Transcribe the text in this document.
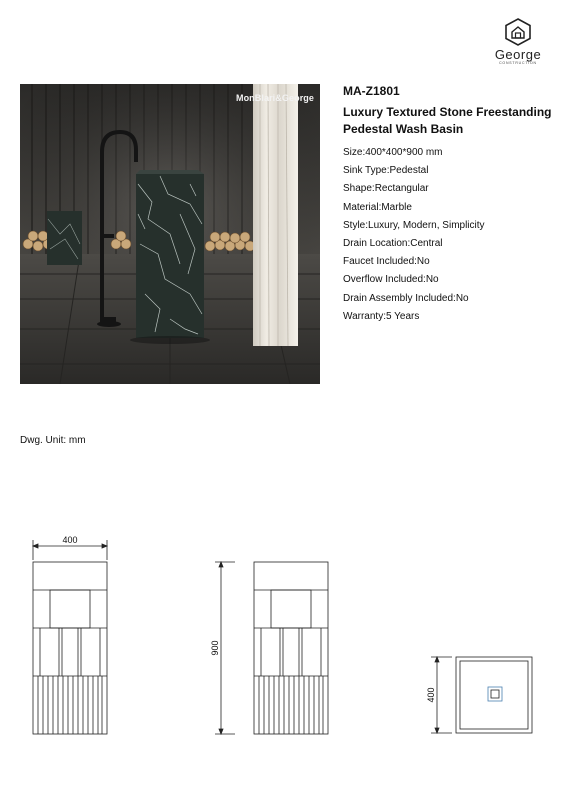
George
CONSTRUCTION
MonBlari&George MA-Z1801
Luxury Textured Stone Freestanding
Pedestal Wash Basin
Size:400*400*900 mm
Sink Type:Pedestal
Shape:Rectangular
Material:Marble
Style:Luxury, Modern, Simplicity
Drain Location:Central
Faucet Included:No
Overflow Included:No
Drain Assembly Included:No
Warranty:5 Years
Dwg. Unit: mm
400
900
400
